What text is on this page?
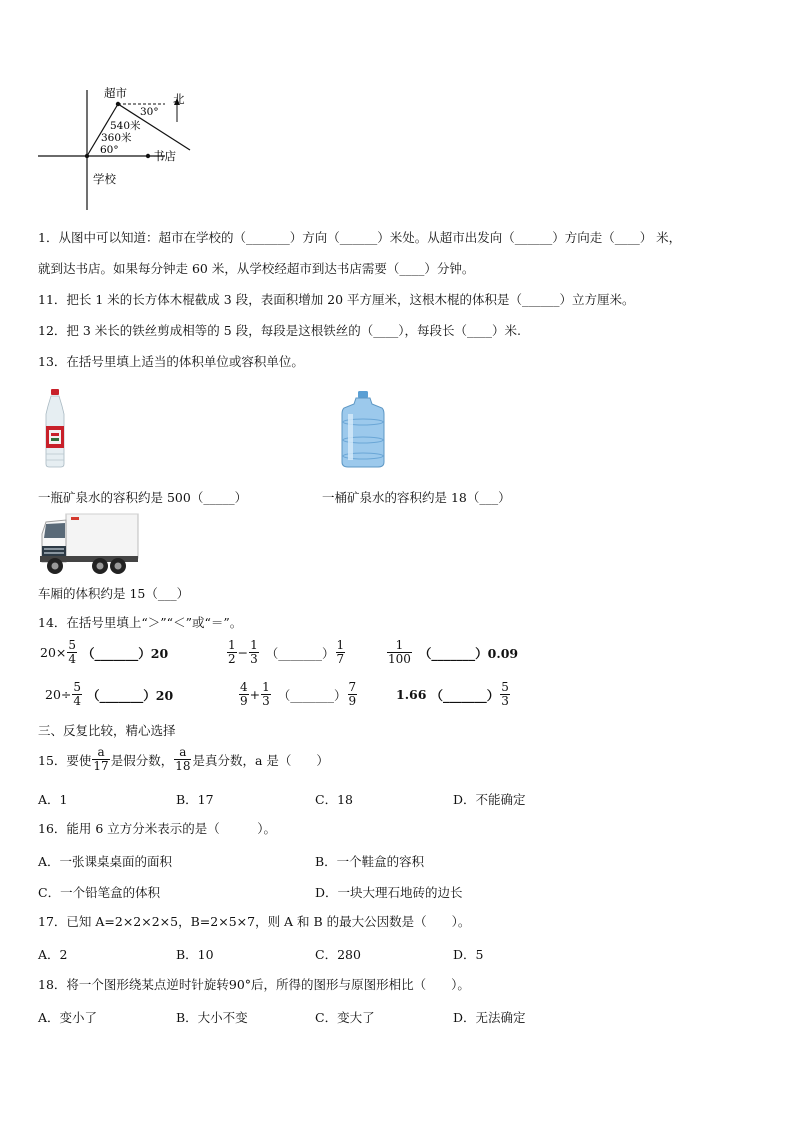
超市	北
30°
540米
360米
60°	书店
学校
1．从图中可以知道：超市在学校的（_______）方向（______）米处。从超市出发向（______）方向走（____） 米，
就到达书店。如果每分钟走 60 米，从学校经超市到达书店需要（____）分钟。
11．把长 1 米的长方体木棍截成 3 段，表面积增加 20 平方厘米，这根木棍的体积是（______）立方厘米。
12．把 3 米长的铁丝剪成相等的 5 段，每段是这根铁丝的（____），每段长（____）米.
13．在括号里填上适当的体积单位或容积单位。
一瓶矿泉水的容积约是 500（_____）	一桶矿泉水的容积约是 18（___）
车厢的体积约是 15（___）
14．在括号里填上“＞”“＜”或“＝”。
$20\times \frac{5}{4}$ （_______）20	$\frac{1}{2} - \frac{1}{3}$ （_______） $\frac{1}{7}$	$\frac{1}{100}$ （_______）0.09
$20\div \frac{5}{4}$ （_______）20	$\frac{4}{9} + \frac{1}{3}$ （_______） $\frac{7}{9}$	1.66 （_______） $\frac{5}{3}$
三、反复比较，精心选择
15．要使 $\frac{a}{17}$ 是假分数， $\frac{a}{18}$ 是真分数，a 是（　　）
A．1	B．17	C．18	D．不能确定
16．能用 6 立方分米表示的是（　　　）。
A．一张课桌桌面的面积	B．一个鞋盒的容积
C．一个铅笔盒的体积	D．一块大理石地砖的边长
17．已知 A=2×2×2×5，B=2×5×7，则 A 和 B 的最大公因数是（　　）。
A．2	B．10	C．280	D．5
18．将一个图形绕某点逆时针旋转90°后，所得的图形与原图形相比（　　）。
A．变小了	B．大小不变	C．变大了	D．无法确定
